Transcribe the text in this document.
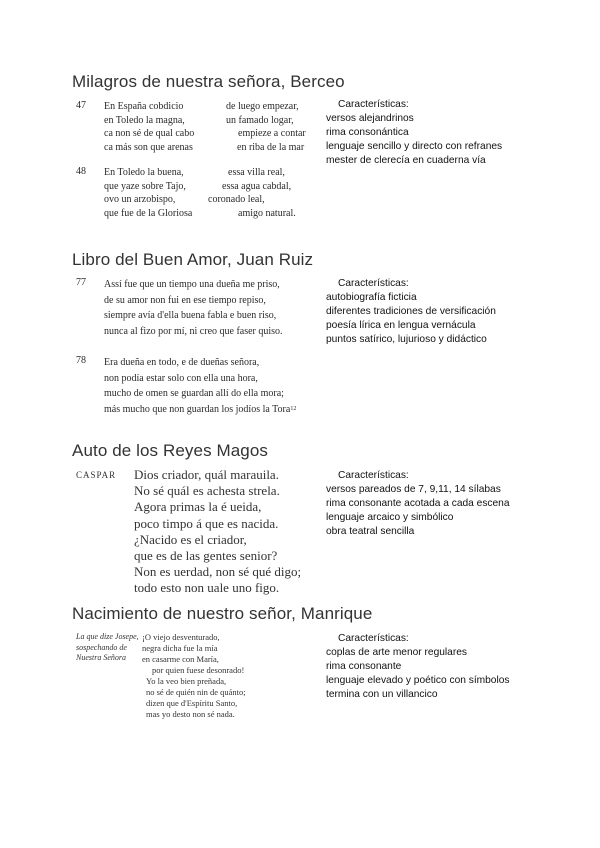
Milagros de nuestra señora, Berceo
47 En España cobdicio	de luego empezar,
en Toledo la magna,	un famado logar,
ca non sé de qual cabo	empieze a contar
ca más son que arenas	en riba de la mar
48 En Toledo la buena,	essa villa real,
que yaze sobre Tajo,	essa agua cabdal,
ovo un arzobispo,	coronado leal,
que fue de la Gloriosa	amigo natural.
Características:
versos alejandrinos
rima consonántica
lenguaje sencillo y directo con refranes
mester de clerecía en cuaderna vía
Libro del Buen Amor, Juan Ruiz
77 Assí fue que un tiempo una dueña me priso,
de su amor non fui en ese tiempo repiso,
siempre avía d'ella buena fabla e buen riso,
nunca al fizo por mí, ni creo que faser quiso.
78 Era dueña en todo, e de dueñas señora,
non podía estar solo con ella una hora,
mucho de omen se guardan allí do ella mora;
más mucho que non guardan los jodíos la Tora 12
Características:
autobiografía ficticia
diferentes tradiciones de versificación
poesía lírica en lengua vernácula
puntos satírico, lujurioso y didáctico
Auto de los Reyes Magos
CASPAR Dios criador, quál marauila.
No sé quál es achesta strela.
Agora primas la é ueida,
poco timpo á que es nacida.
¿Nacido es el criador,
que es de las gentes senior?
Non es uerdad, non sé qué digo;
todo esto non uale uno figo.
Características:
versos pareados de 7, 9,11, 14 sílabas
rima consonante acotada a cada escena
lenguaje arcaico y simbólico
obra teatral sencilla
Nacimiento de nuestro señor, Manrique
La que dize Josepe,
sospechando de
Nuestra Señora
¡O viejo desventurado,
negra dicha fue la mía
en casarme con María,
por quien fuese desonrado!
Yo la veo bien preñada,
no sé de quién nin de quánto;
dizen que d'Espíritu Santo,
mas yo desto non sé nada.
Características:
coplas de arte menor regulares
rima consonante
lenguaje elevado y poético con símbolos
termina con un villancico
